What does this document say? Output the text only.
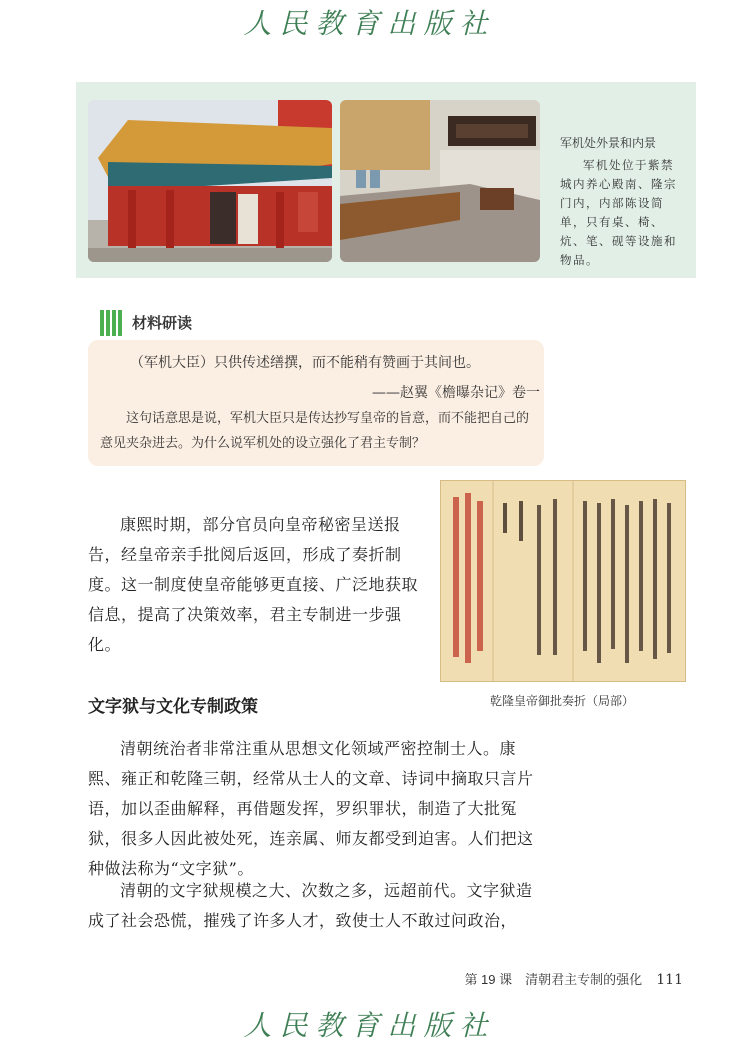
人民教育出版社
军机处外景和内景
军机处位于紫禁城内养心殿南、隆宗门内，内部陈设简单，只有桌、椅、炕、笔、砚等设施和物品。
材料研读
（军机大臣）只供传述缮撰，而不能稍有赞画于其间也。
——赵翼《檐曝杂记》卷一
这句话意思是说，军机大臣只是传达抄写皇帝的旨意，而不能把自己的意见夹杂进去。为什么说军机处的设立强化了君主专制？
康熙时期，部分官员向皇帝秘密呈送报告，经皇帝亲手批阅后返回，形成了奏折制度。这一制度使皇帝能够更直接、广泛地获取信息，提高了决策效率，君主专制进一步强化。
乾隆皇帝御批奏折（局部）
文字狱与文化专制政策
清朝统治者非常注重从思想文化领域严密控制士人。康熙、雍正和乾隆三朝，经常从士人的文章、诗词中摘取只言片语，加以歪曲解释，再借题发挥，罗织罪状，制造了大批冤狱，很多人因此被处死，连亲属、师友都受到迫害。人们把这种做法称为“文字狱”。
清朝的文字狱规模之大、次数之多，远超前代。文字狱造成了社会恐慌，摧残了许多人才，致使士人不敢过问政治，
第 19 课　清朝君主专制的强化 111
人民教育出版社
